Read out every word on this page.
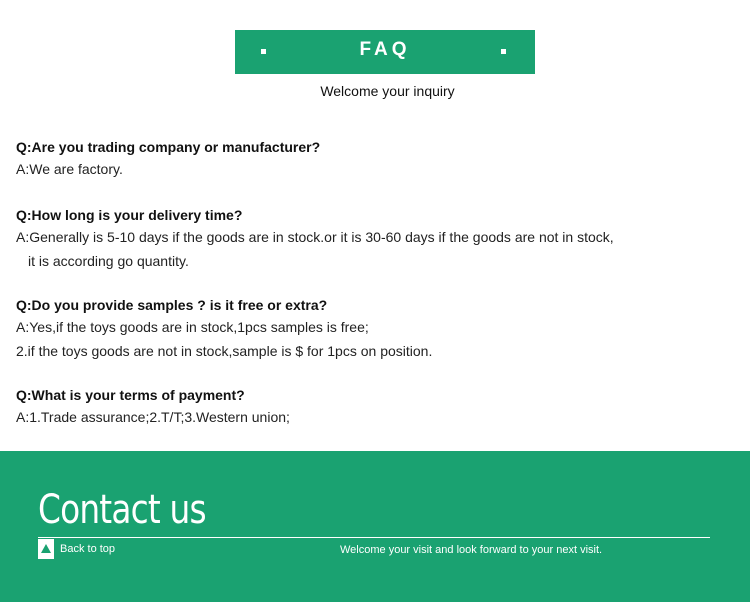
FAQ
Welcome your inquiry
Q:Are you trading company or manufacturer?
A:We are factory.
Q:How long is your delivery time?
A:Generally is 5-10 days if the goods are in stock.or it is 30-60 days if the goods are not in stock,
it is according go quantity.
Q:Do you provide samples ? is it free or extra?
A:Yes,if the toys goods are in stock,1pcs samples is free;
2.if the toys goods are not in stock,sample is $ for 1pcs on position.
Q:What is your terms of payment?
A:1.Trade assurance;2.T/T;3.Western union;
Contact us
Back to top	Welcome your visit and look forward to your next visit.
